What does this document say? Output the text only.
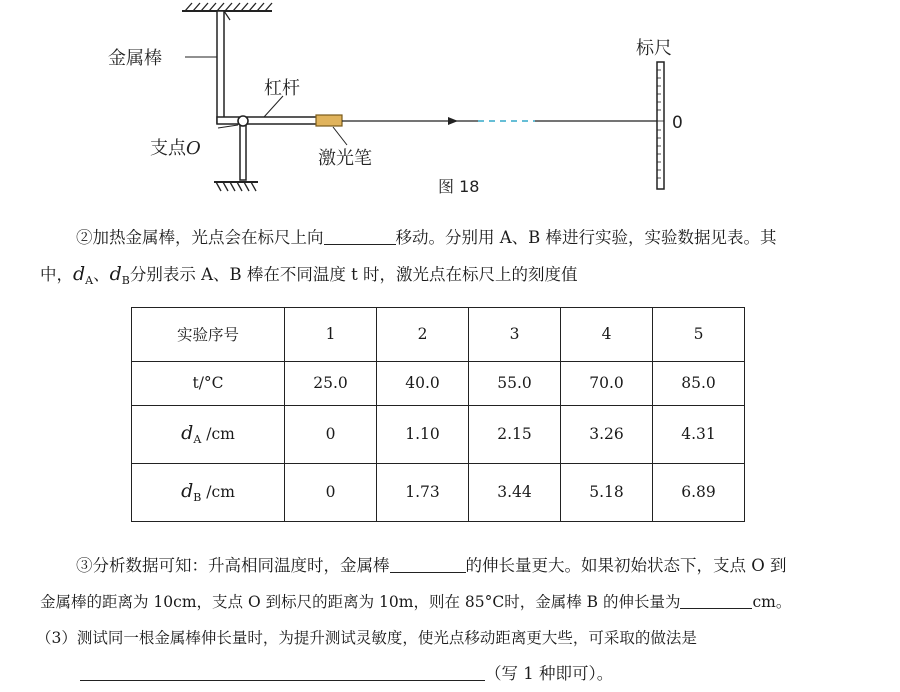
金属棒
杠杆
支点O	激光笔
标尺
0
图 18
②加热金属棒，光点会在标尺上向	移动。分别用 A、B 棒进行实验，实验数据见表。其
中，$d_A$、$d_B$分别表示 A、B 棒在不同温度 t 时，激光点在标尺上的刻度值
实验序号	1	2	3	4	5
t/°C	25.0	40.0	55.0	70.0	85.0
$d_A$ /cm	0	1.10	2.15	3.26	4.31
$d_B$ /cm	0	1.73	3.44	5.18	6.89
③分析数据可知：升高相同温度时，金属棒	的伸长量更大。如果初始状态下，支点 O 到
金属棒的距离为 10cm，支点 O 到标尺的距离为 10m，则在 85°C时，金属棒 B 的伸长量为	cm。
（3）测试同一根金属棒伸长量时，为提升测试灵敏度，使光点移动距离更大些，可采取的做法是
（写 1 种即可）。
